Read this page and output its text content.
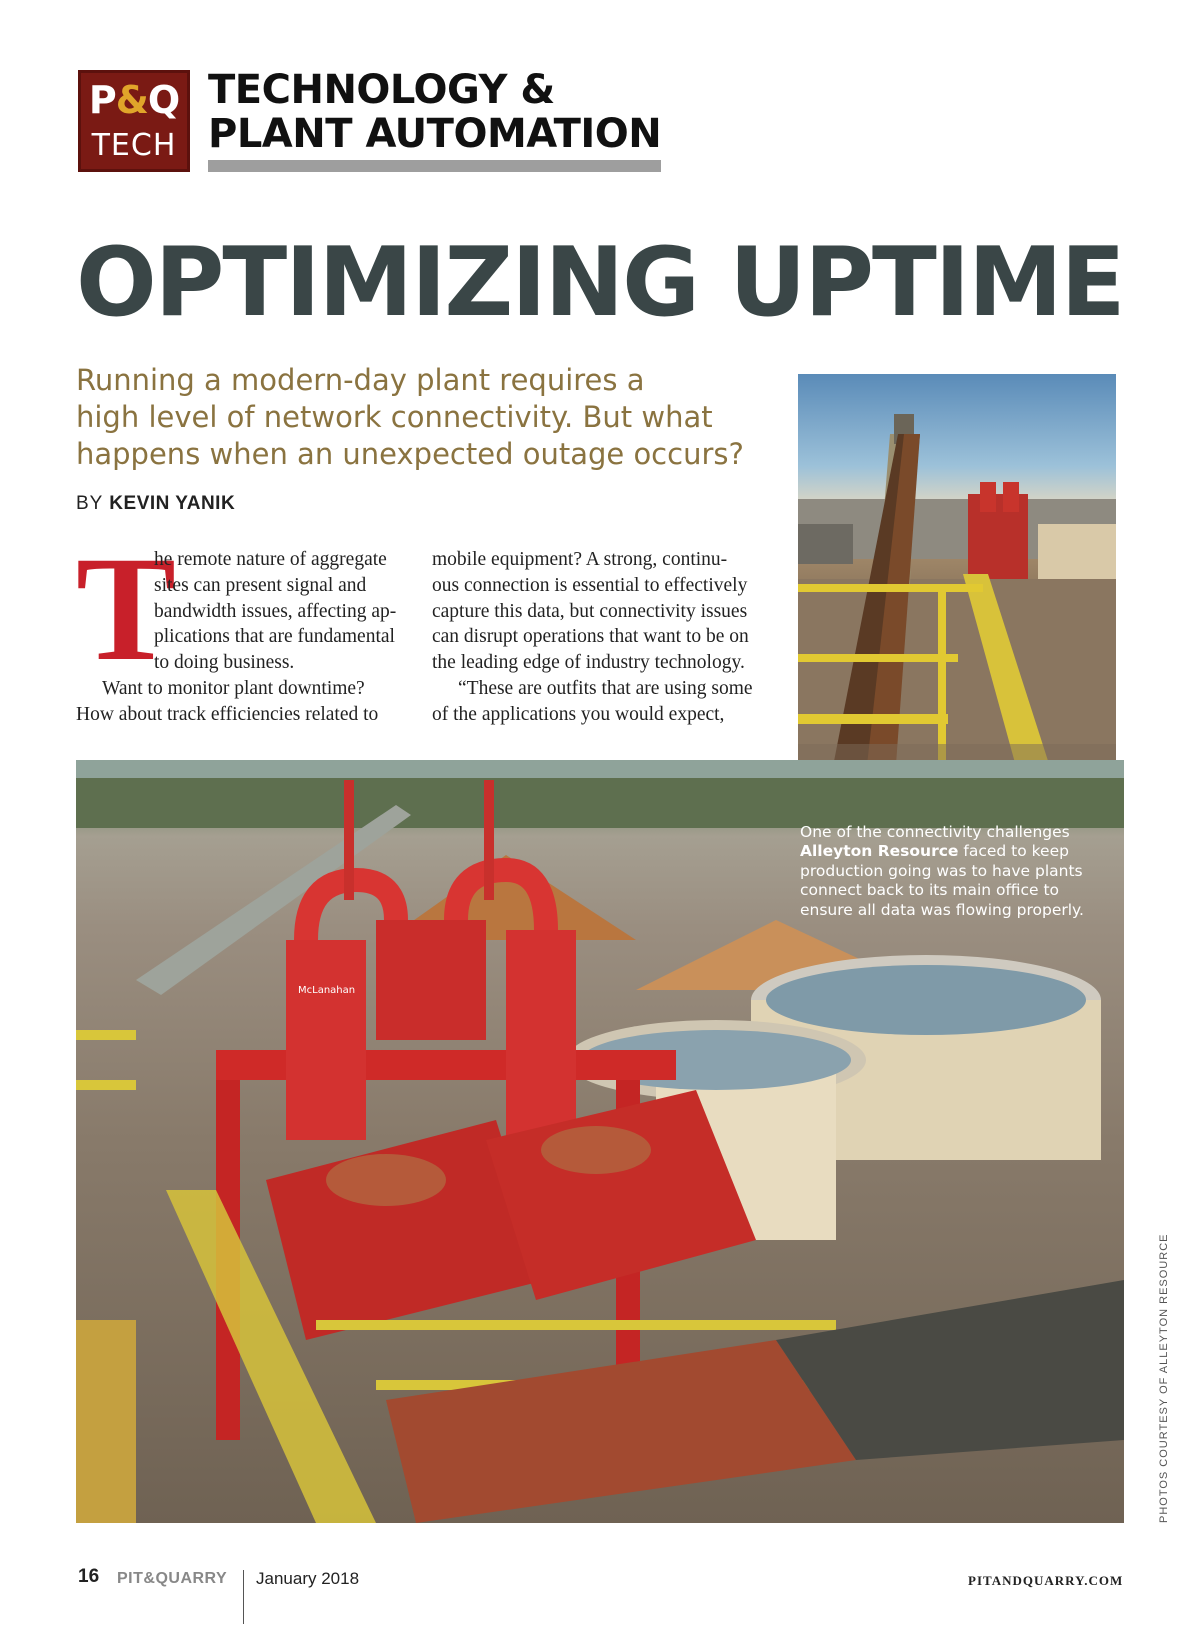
P&Q
TECH
TECHNOLOGY &
PLANT AUTOMATION
OPTIMIZING UPTIME
Running a modern-day plant requires a
high level of network connectivity. But what
happens when an unexpected outage occurs?
BY KEVIN YANIK
T
he remote nature of aggregate
sites can present signal and
bandwidth issues, affecting ap-
plications that are fundamental
to doing business.
Want to monitor plant downtime?
How about track efficiencies related to
mobile equipment? A strong, continu-
ous connection is essential to effectively
capture this data, but connectivity issues
can disrupt operations that want to be on
the leading edge of industry technology.
“These are outfits that are using some
of the applications you would expect,
McLanahan
One of the connectivity challenges
Alleyton Resource faced to keep
production going was to have plants
connect back to its main office to
ensure all data was flowing properly.
PHOTOS COURTESY OF ALLEYTON RESOURCE
16 PIT&QUARRY January 2018	PITANDQUARRY.COM
